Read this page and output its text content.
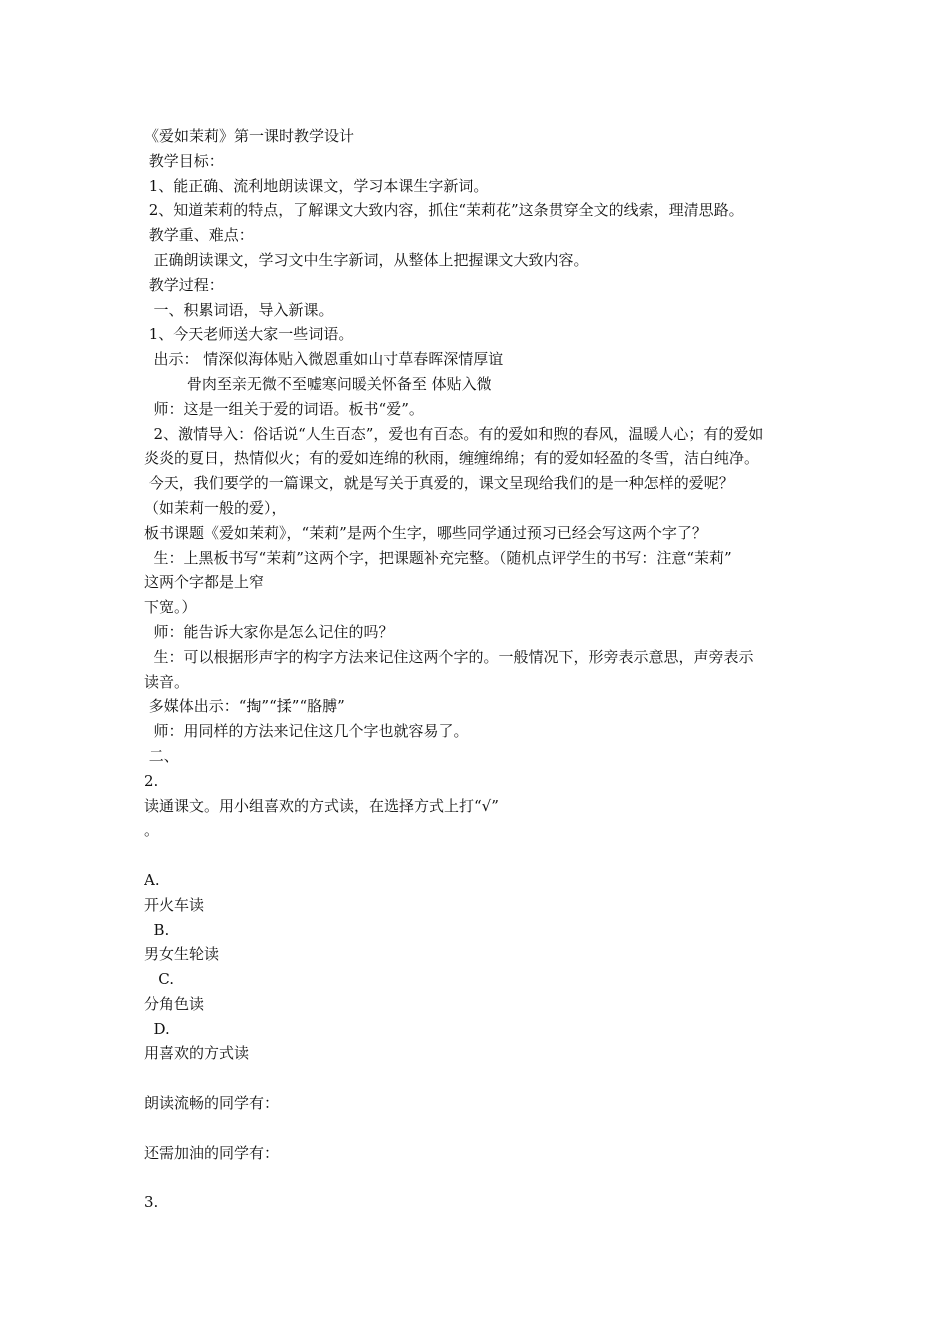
《爱如茉莉》第一课时教学设计
教学目标：
1、能正确、流利地朗读课文，学习本课生字新词。
2、知道茉莉的特点，了解课文大致内容，抓住“茉莉花”这条贯穿全文的线索，理清思路。
教学重、难点：
正确朗读课文，学习文中生字新词，从整体上把握课文大致内容。
教学过程：
一、积累词语，导入新课。
1、今天老师送大家一些词语。
出示： 情深似海体贴入微恩重如山寸草春晖深情厚谊
骨肉至亲无微不至嘘寒问暖关怀备至 体贴入微
师：这是一组关于爱的词语。板书“爱”。
2、激情导入：俗话说“人生百态”，爱也有百态。有的爱如和煦的春风，温暖人心；有的爱如
炎炎的夏日，热情似火；有的爱如连绵的秋雨，缠缠绵绵；有的爱如轻盈的冬雪，洁白纯净。
今天，我们要学的一篇课文，就是写关于真爱的，课文呈现给我们的是一种怎样的爱呢？
（如茉莉一般的爱），
板书课题《爱如茉莉》，“茉莉”是两个生字，哪些同学通过预习已经会写这两个字了？
生：上黑板书写“茉莉”这两个字，把课题补充完整。（随机点评学生的书写：注意“茉莉”
这两个字都是上窄
下宽。）
师：能告诉大家你是怎么记住的吗？
生：可以根据形声字的构字方法来记住这两个字的。一般情况下，形旁表示意思，声旁表示
读音。
多媒体出示：“掏”“揉”“胳膊”
师：用同样的方法来记住这几个字也就容易了。
二、
2.
读通课文。用小组喜欢的方式读，在选择方式上打“√”
。
A.
开火车读
B.
男女生轮读
C.
分角色读
D.
用喜欢的方式读
朗读流畅的同学有：
还需加油的同学有：
3.
